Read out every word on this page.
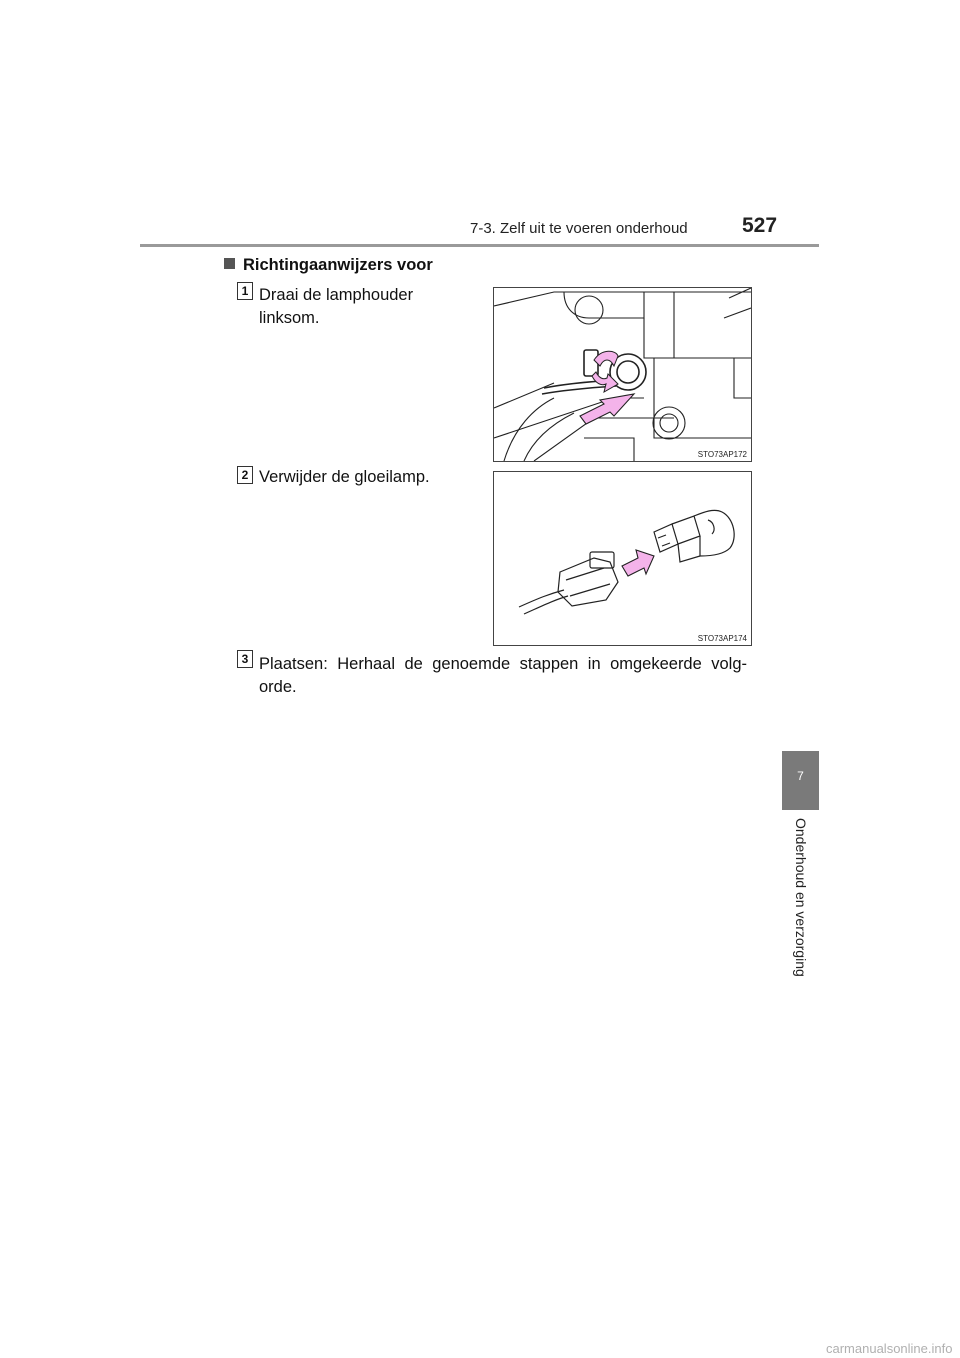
7-3. Zelf uit te voeren onderhoud	527
Richtingaanwijzers voor
1 Draai de lamphouder linksom.
STO73AP172
2 Verwijder de gloeilamp.
STO73AP174
3 Plaatsen: Herhaal de genoemde stappen in omgekeerde volg-orde.
7
Onderhoud en verzorging
carmanualsonline.info
